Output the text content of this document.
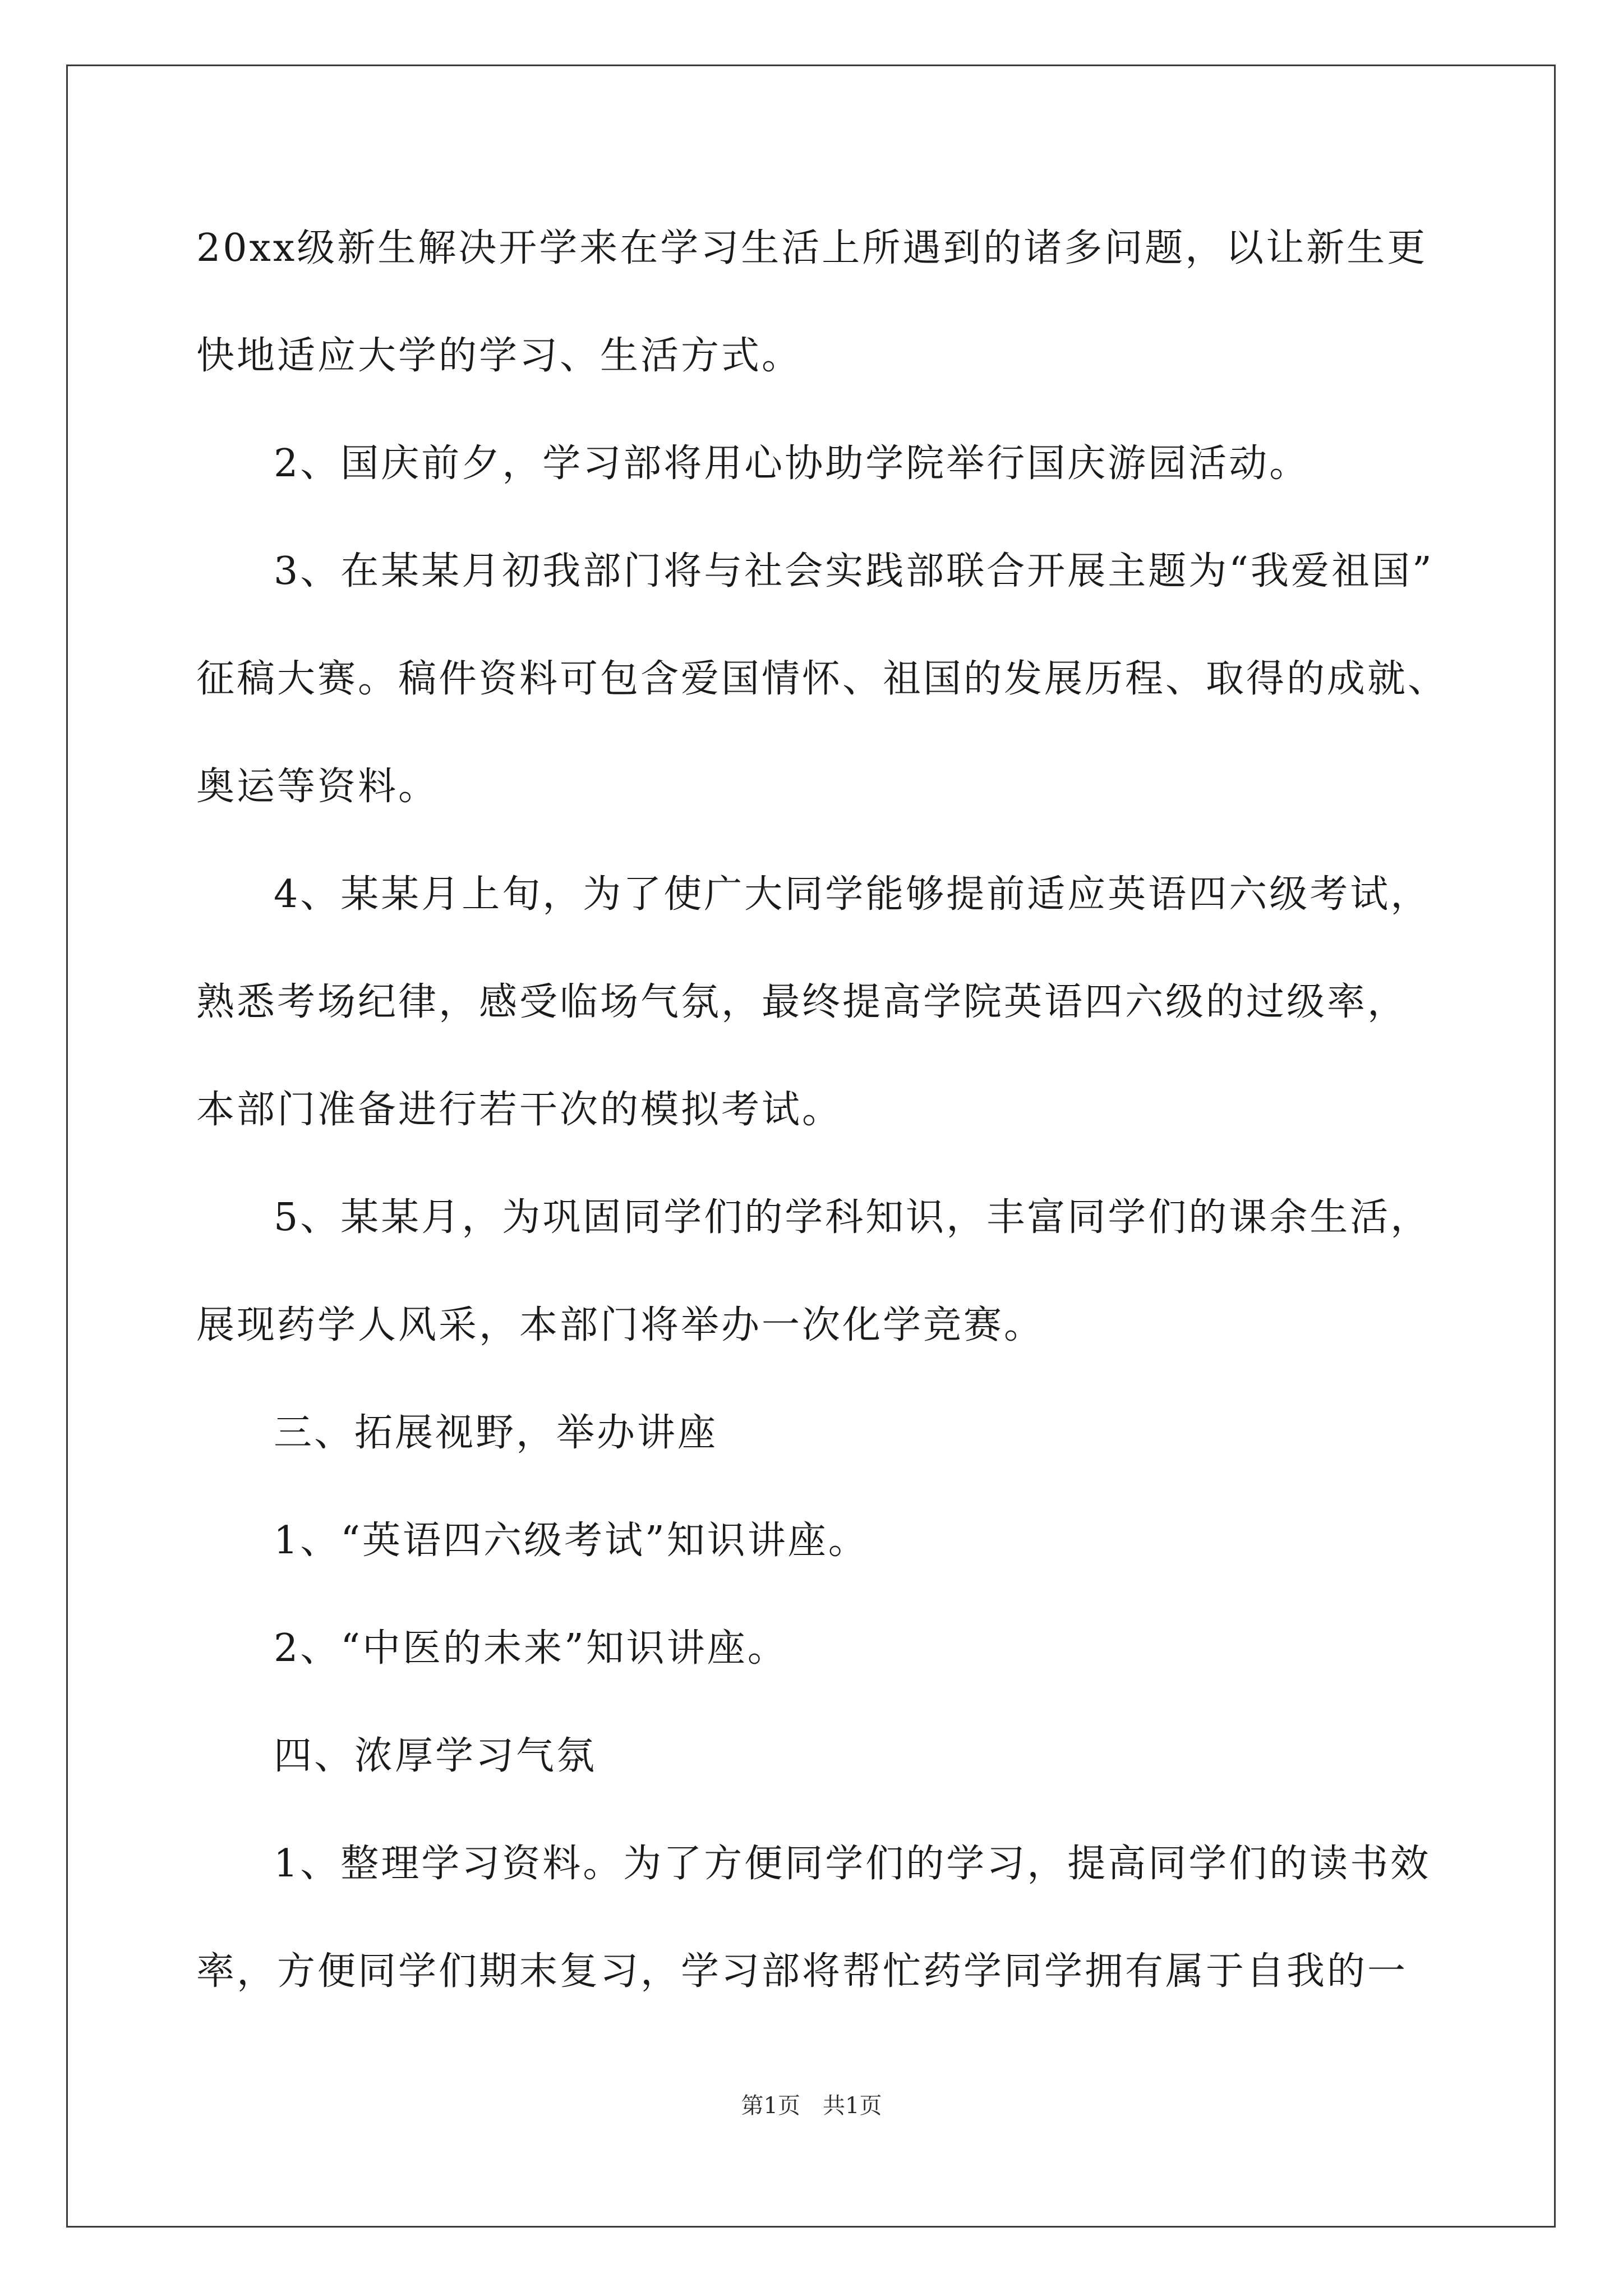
20xx级新生解决开学来在学习生活上所遇到的诸多问题，以让新生更
快地适应大学的学习、生活方式。
2、国庆前夕，学习部将用心协助学院举行国庆游园活动。
3、在某某月初我部门将与社会实践部联合开展主题为“我爱祖国”
征稿大赛。稿件资料可包含爱国情怀、祖国的发展历程、取得的成就、
奥运等资料。
4、某某月上旬，为了使广大同学能够提前适应英语四六级考试，
熟悉考场纪律，感受临场气氛，最终提高学院英语四六级的过级率，
本部门准备进行若干次的模拟考试。
5、某某月，为巩固同学们的学科知识，丰富同学们的课余生活，
展现药学人风采，本部门将举办一次化学竞赛。
三、拓展视野，举办讲座
1、“英语四六级考试”知识讲座。
2、“中医的未来”知识讲座。
四、浓厚学习气氛
1、整理学习资料。为了方便同学们的学习，提高同学们的读书效
率，方便同学们期末复习，学习部将帮忙药学同学拥有属于自我的一
第1页　共1页
